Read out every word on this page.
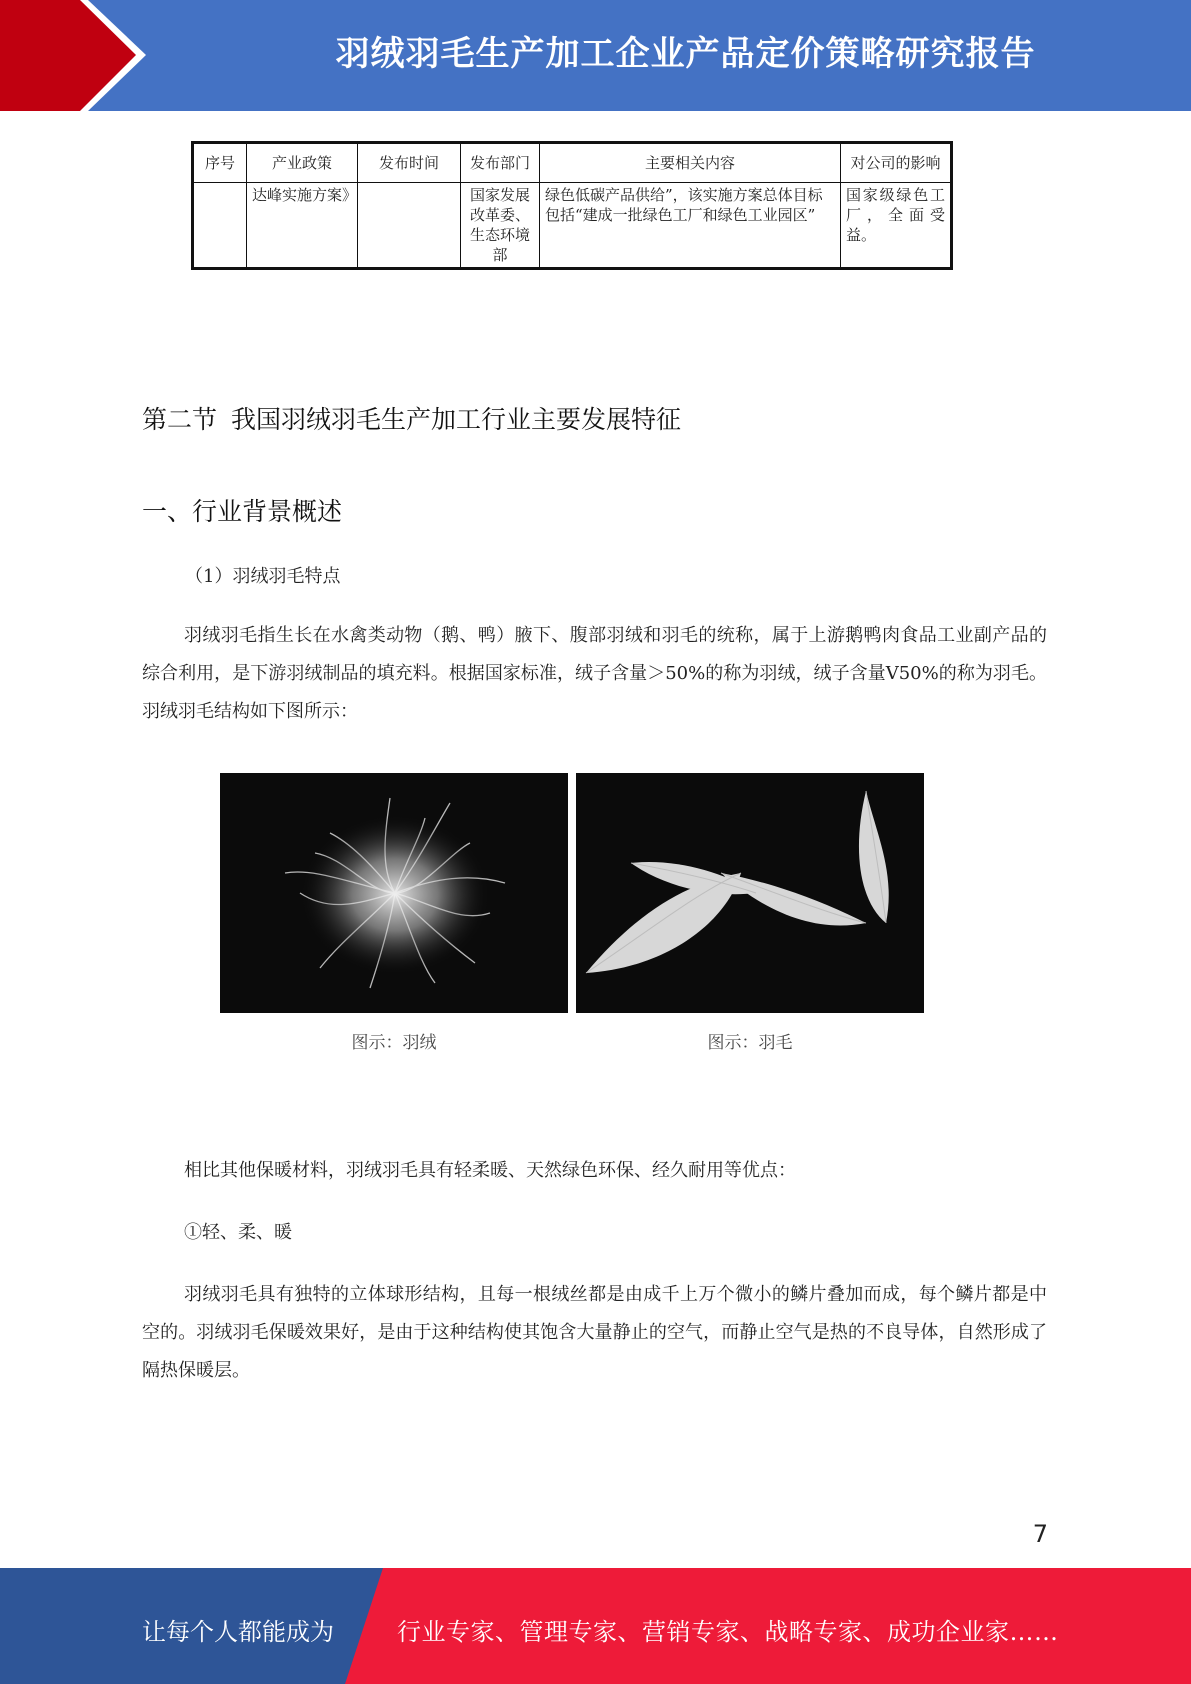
羽绒羽毛生产加工企业产品定价策略研究报告
序号	产业政策	发布时间	发布部门	主要相关内容	对公司的影响
	达峰实施方案》		国家发展改革委、生态环境部	绿色低碳产品供给”，该实施方案总体目标包括“建成一批绿色工厂和绿色工业园区”	国家级绿色工厂，全面受益。
第二节 我国羽绒羽毛生产加工行业主要发展特征
一、行业背景概述
（1）羽绒羽毛特点

羽绒羽毛指生长在水禽类动物（鹅、鸭）腋下、腹部羽绒和羽毛的统称，属于上游鹅鸭肉食品工业副产品的综合利用，是下游羽绒制品的填充料。根据国家标准，绒子含量＞50%的称为羽绒，绒子含量V50%的称为羽毛。羽绒羽毛结构如下图所示：

图示：羽绒	图示：羽毛

相比其他保暖材料，羽绒羽毛具有轻柔暖、天然绿色环保、经久耐用等优点：

①轻、柔、暖

羽绒羽毛具有独特的立体球形结构，且每一根绒丝都是由成千上万个微小的鳞片叠加而成，每个鳞片都是中空的。羽绒羽毛保暖效果好，是由于这种结构使其饱含大量静止的空气，而静止空气是热的不良导体，自然形成了隔热保暖层。

7
让每个人都能成为	行业专家、管理专家、营销专家、战略专家、成功企业家……
